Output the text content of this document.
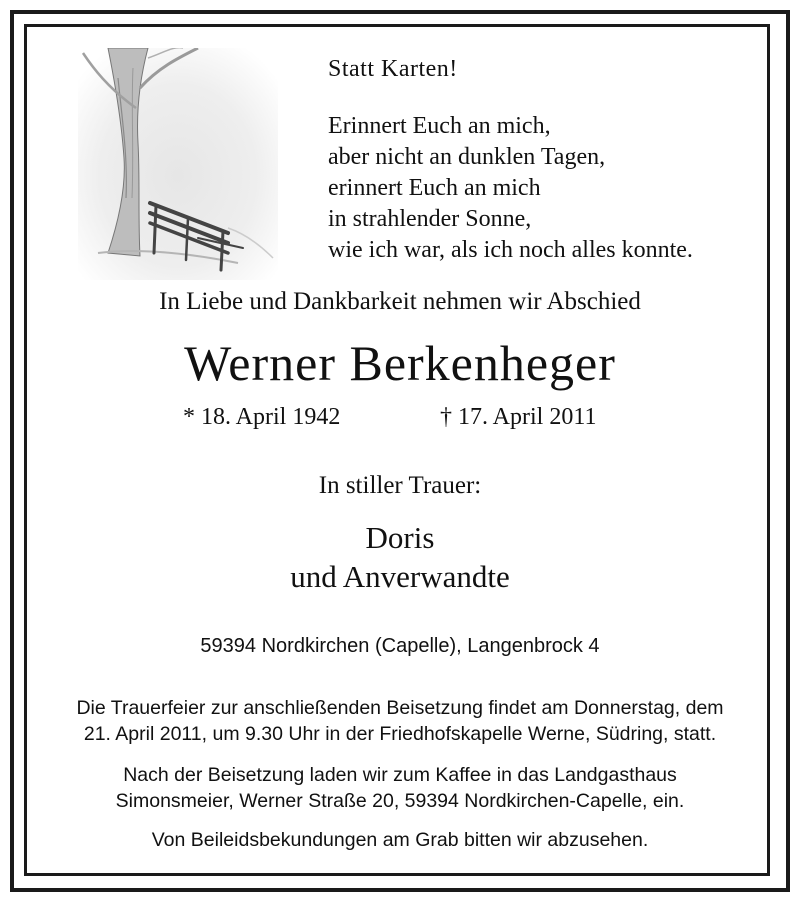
Statt Karten!
Erinnert Euch an mich,
aber nicht an dunklen Tagen,
erinnert Euch an mich
in strahlender Sonne,
wie ich war, als ich noch alles konnte.
In Liebe und Dankbarkeit nehmen wir Abschied
Werner Berkenheger
* 18. April 1942	† 17. April 2011
In stiller Trauer:
Doris
und Anverwandte
59394 Nordkirchen (Capelle), Langenbrock 4
Die Trauerfeier zur anschließenden Beisetzung findet am Donnerstag, dem
21. April 2011, um 9.30 Uhr in der Friedhofskapelle Werne, Südring, statt.
Nach der Beisetzung laden wir zum Kaffee in das Landgasthaus
Simonsmeier, Werner Straße 20, 59394 Nordkirchen-Capelle, ein.
Von Beileidsbekundungen am Grab bitten wir abzusehen.
